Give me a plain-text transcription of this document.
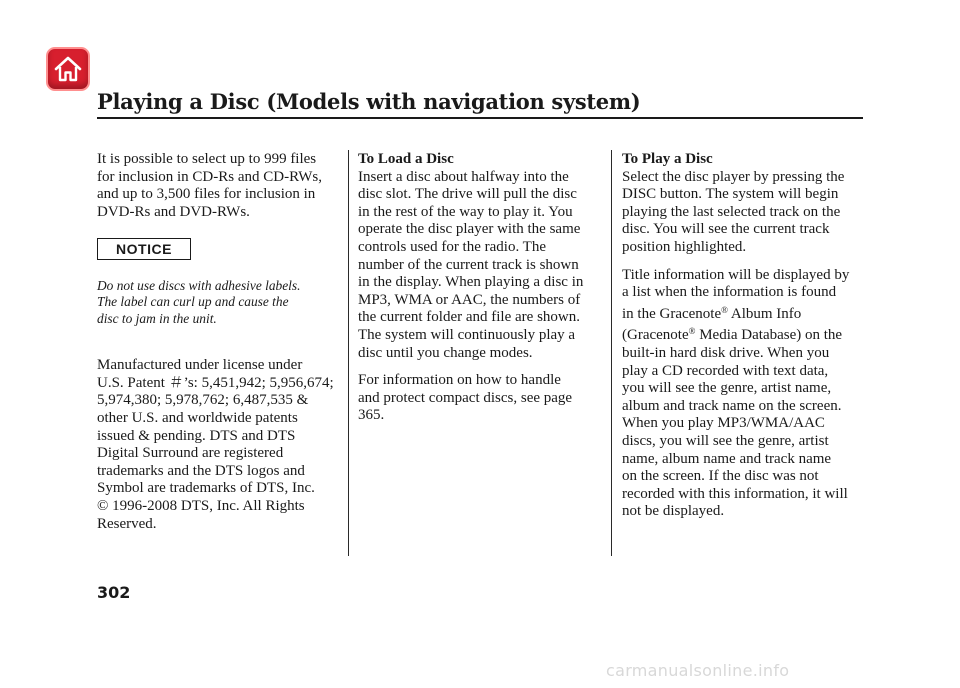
Playing a Disc (Models with navigation system)

It is possible to select up to 999 files
for inclusion in CD-Rs and CD-RWs,
and up to 3,500 files for inclusion in
DVD-Rs and DVD-RWs.

NOTICE

Do not use discs with adhesive labels.
The label can curl up and cause the
disc to jam in the unit.

Manufactured under license under
U.S. Patent ＃’s: 5,451,942; 5,956,674;
5,974,380; 5,978,762; 6,487,535 &
other U.S. and worldwide patents
issued & pending. DTS and DTS
Digital Surround are registered
trademarks and the DTS logos and
Symbol are trademarks of DTS, Inc.
© 1996-2008 DTS, Inc. All Rights
Reserved.

To Load a Disc

Insert a disc about halfway into the
disc slot. The drive will pull the disc
in the rest of the way to play it. You
operate the disc player with the same
controls used for the radio. The
number of the current track is shown
in the display. When playing a disc in
MP3, WMA or AAC, the numbers of
the current folder and file are shown.
The system will continuously play a
disc until you change modes.

For information on how to handle
and protect compact discs, see page
365.

To Play a Disc

Select the disc player by pressing the
DISC button. The system will begin
playing the last selected track on the
disc. You will see the current track
position highlighted.

Title information will be displayed by
a list when the information is found
in the Gracenote® Album Info
(Gracenote® Media Database) on the
built-in hard disk drive. When you
play a CD recorded with text data,
you will see the genre, artist name,
album and track name on the screen.
When you play MP3/WMA/AAC
discs, you will see the genre, artist
name, album name and track name
on the screen. If the disc was not
recorded with this information, it will
not be displayed.

302
carmanualsonline.info
